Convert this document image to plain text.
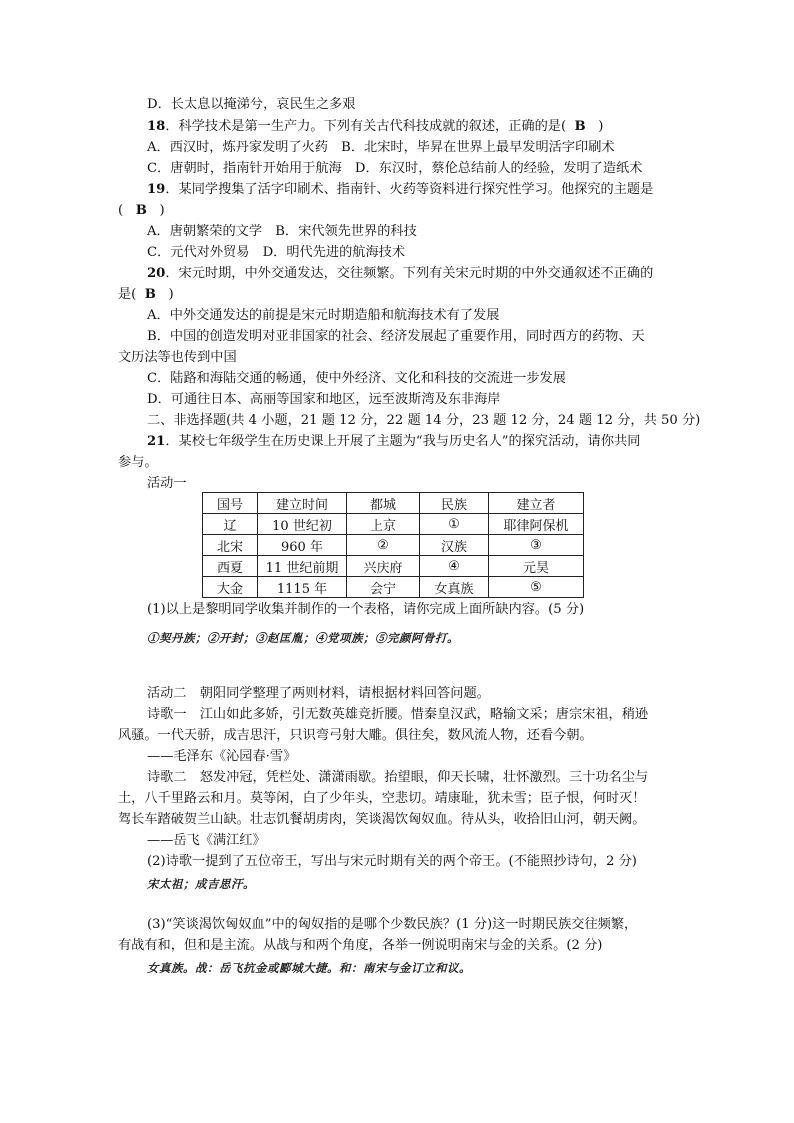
D．长太息以掩涕兮，哀民生之多艰
18．科学技术是第一生产力。下列有关古代科技成就的叙述，正确的是( B )
A．西汉时，炼丹家发明了火药　B．北宋时，毕昇在世界上最早发明活字印刷术
C．唐朝时，指南针开始用于航海　D．东汉时，蔡伦总结前人的经验，发明了造纸术
19．某同学搜集了活字印刷术、指南针、火药等资料进行探究性学习。他探究的主题是
( B )
A．唐朝繁荣的文学　B．宋代领先世界的科技
C．元代对外贸易　D．明代先进的航海技术
20．宋元时期，中外交通发达，交往频繁。下列有关宋元时期的中外交通叙述不正确的
是( B )
A．中外交通发达的前提是宋元时期造船和航海技术有了发展
B．中国的创造发明对亚非国家的社会、经济发展起了重要作用，同时西方的药物、天
文历法等也传到中国
C．陆路和海陆交通的畅通，使中外经济、文化和科技的交流进一步发展
D．可通往日本、高丽等国家和地区，远至波斯湾及东非海岸
二、非选择题(共 4 小题，21 题 12 分，22 题 14 分，23 题 12 分，24 题 12 分，共 50 分)
21．某校七年级学生在历史课上开展了主题为“我与历史名人”的探究活动，请你共同
参与。
活动一
国号	建立时间	都城	民族	建立者
辽	10 世纪初	上京	①	耶律阿保机
北宋	960 年	②	汉族	③
西夏	11 世纪前期	兴庆府	④	元昊
大金	1115 年	会宁	女真族	⑤
(1)以上是黎明同学收集并制作的一个表格，请你完成上面所缺内容。(5 分)
①契丹族；②开封；③赵匡胤；④党项族；⑤完颜阿骨打。
活动二　朝阳同学整理了两则材料，请根据材料回答问题。
诗歌一　江山如此多娇，引无数英雄竞折腰。惜秦皇汉武，略输文采；唐宗宋祖，稍逊
风骚。一代天骄，成吉思汗，只识弯弓射大雕。俱往矣，数风流人物，还看今朝。
——毛泽东《沁园春·雪》
诗歌二　怒发冲冠，凭栏处、潇潇雨歇。抬望眼，仰天长啸，壮怀激烈。三十功名尘与
土，八千里路云和月。莫等闲，白了少年头，空悲切。靖康耻，犹未雪；臣子恨，何时灭！
驾长车踏破贺兰山缺。壮志饥餐胡虏肉，笑谈渴饮匈奴血。待从头，收拾旧山河，朝天阙。
——岳飞《满江红》
(2)诗歌一提到了五位帝王，写出与宋元时期有关的两个帝王。(不能照抄诗句，2 分)
宋太祖；成吉思汗。
(3)“笑谈渴饮匈奴血”中的匈奴指的是哪个少数民族？(1 分)这一时期民族交往频繁，
有战有和，但和是主流。从战与和两个角度，各举一例说明南宋与金的关系。(2 分)
女真族。战：岳飞抗金或郾城大捷。和：南宋与金订立和议。
